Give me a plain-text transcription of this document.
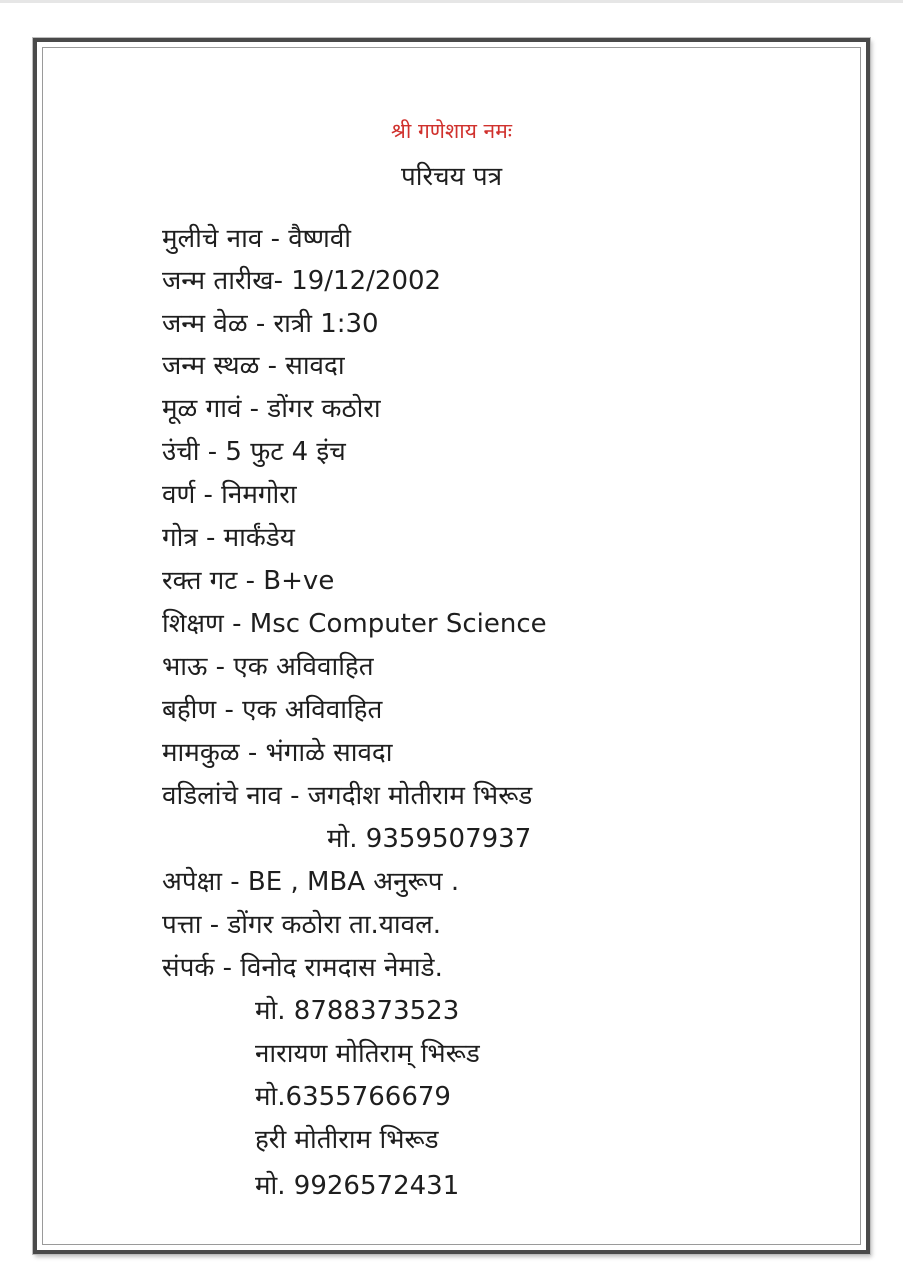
श्री गणेशाय नमः
परिचय पत्र
मुलीचे नाव - वैष्णवी
जन्म तारीख- 19/12/2002
जन्म वेळ - रात्री 1:30
जन्म स्थळ - सावदा
मूळ गावं - डोंगर कठोरा
उंची - 5 फुट 4 इंच
वर्ण - निमगोरा
गोत्र - मार्कंडेय
रक्त गट - B+ve
शिक्षण - Msc Computer Science
भाऊ - एक अविवाहित
बहीण - एक अविवाहित
मामकुळ - भंगाळे सावदा
वडिलांचे नाव - जगदीश मोतीराम भिरूड
मो. 9359507937
अपेक्षा - BE , MBA अनुरूप .
पत्ता - डोंगर कठोरा ता.यावल.
संपर्क - विनोद रामदास नेमाडे.
मो. 8788373523
नारायण मोतिराम् भिरूड
मो.6355766679
हरी मोतीराम भिरूड
मो. 9926572431
